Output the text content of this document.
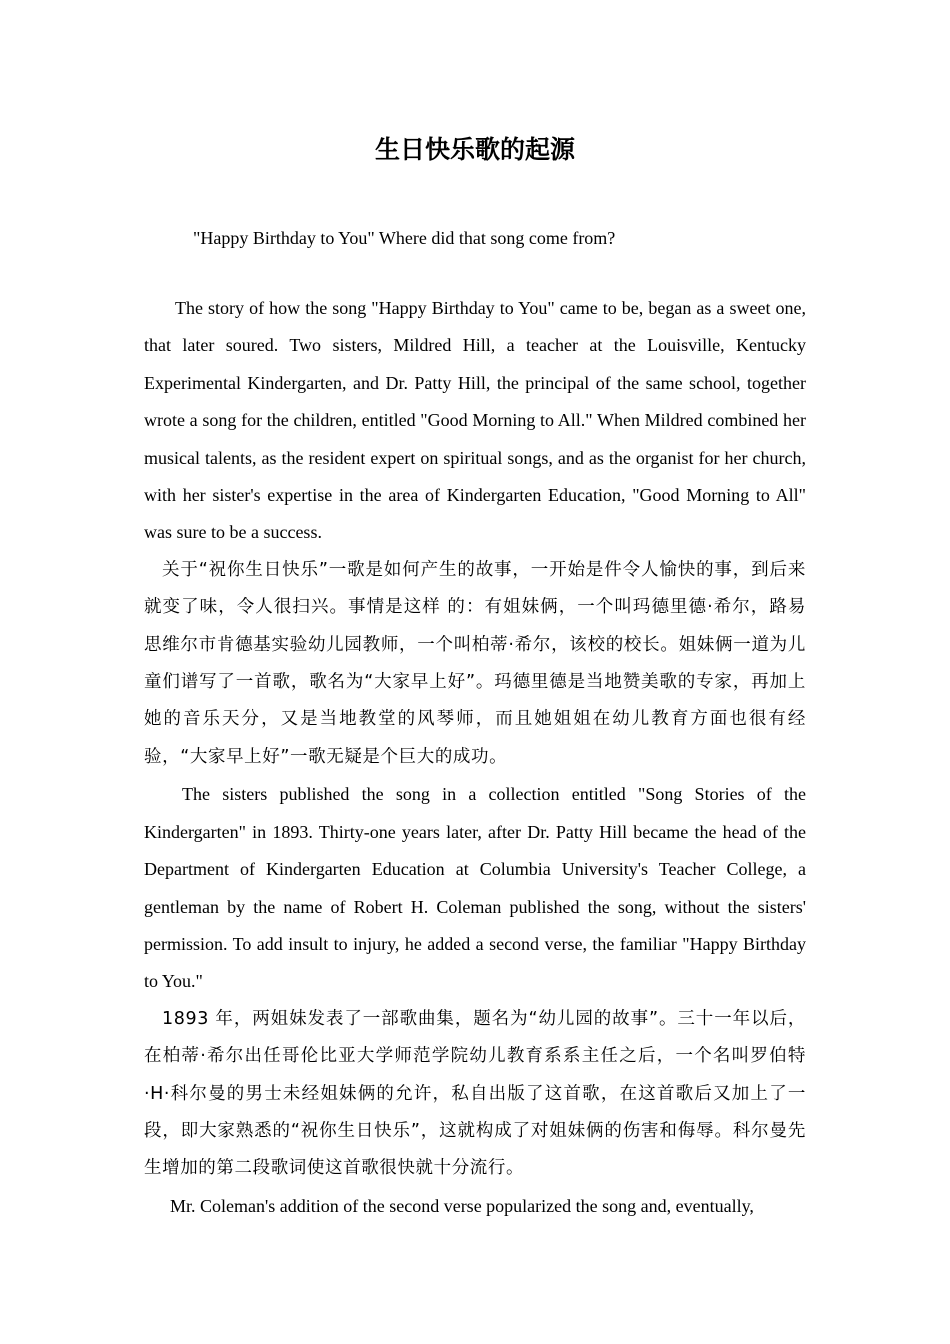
生日快乐歌的起源
"Happy Birthday to You" Where did that song come from?

The story of how the song "Happy Birthday to You" came to be, began as a sweet one, that later soured. Two sisters, Mildred Hill, a teacher at the Louisville, Kentucky Experimental Kindergarten, and Dr. Patty Hill, the principal of the same school, together wrote a song for the children, entitled "Good Morning to All." When Mildred combined her musical talents, as the resident expert on spiritual songs, and as the organist for her church, with her sister's expertise in the area of Kindergarten Education, "Good Morning to All" was sure to be a success.

关于“祝你生日快乐”一歌是如何产生的故事，一开始是件令人愉快的事，到后来就变了味，令人很扫兴。事情是这样 的：有姐妹俩，一个叫玛德里德·希尔，路易思维尔市肯德基实验幼儿园教师，一个叫柏蒂·希尔，该校的校长。姐妹俩一道为儿童们谱写了一首歌，歌名为“大家早上好”。玛德里德是当地赞美歌的专家，再加上她的音乐天分，又是当地教堂的风琴师，而且她姐姐在幼儿教育方面也很有经验，“大家早上好”一歌无疑是个巨大的成功。

The sisters published the song in a collection entitled "Song Stories of the Kindergarten" in 1893. Thirty-one years later, after Dr. Patty Hill became the head of the Department of Kindergarten Education at Columbia University's Teacher College, a gentleman by the name of Robert H. Coleman published the song, without the sisters' permission. To add insult to injury, he added a second verse, the familiar "Happy Birthday to You."

1893 年，两姐妹发表了一部歌曲集，题名为“幼儿园的故事”。三十一年以后，在柏蒂·希尔出任哥伦比亚大学师范学院幼儿教育系系主任之后，一个名叫罗伯特·H·科尔曼的男士未经姐妹俩的允许，私自出版了这首歌，在这首歌后又加上了一段，即大家熟悉的“祝你生日快乐”，这就构成了对姐妹俩的伤害和侮辱。科尔曼先生增加的第二段歌词使这首歌很快就十分流行。

Mr. Coleman's addition of the second verse popularized the song and, eventually,
